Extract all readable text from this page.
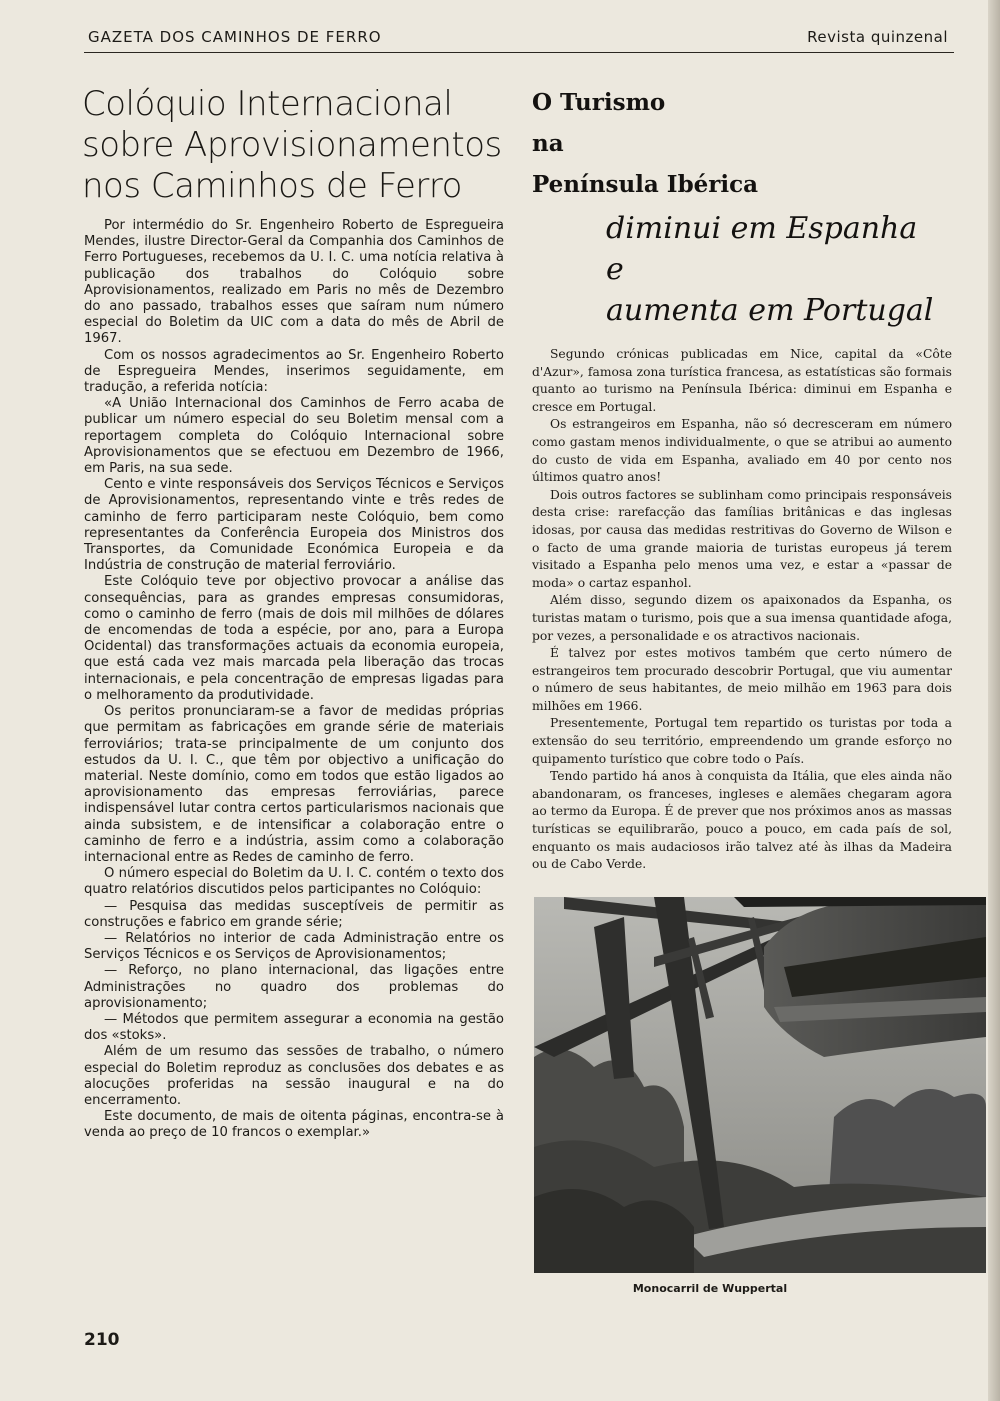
GAZETA DOS CAMINHOS DE FERRO	Revista quinzenal
Colóquio Internacional
sobre Aprovisionamentos
nos Caminhos de Ferro

Por intermédio do Sr. Engenheiro Roberto de Espregueira Mendes, ilustre Director-Geral da Companhia dos Caminhos de Ferro Portugueses, recebemos da U. I. C. uma notícia relativa à publicação dos trabalhos do Colóquio sobre Aprovisionamentos, realizado em Paris no mês de Dezembro do ano passado, trabalhos esses que saíram num número especial do Boletim da UIC com a data do mês de Abril de 1967.

Com os nossos agradecimentos ao Sr. Engenheiro Roberto de Espregueira Mendes, inserimos seguidamente, em tradução, a referida notícia:

«A União Internacional dos Caminhos de Ferro acaba de publicar um número especial do seu Boletim mensal com a reportagem completa do Colóquio Internacional sobre Aprovisionamentos que se efectuou em Dezembro de 1966, em Paris, na sua sede.

Cento e vinte responsáveis dos Serviços Técnicos e Serviços de Aprovisionamentos, representando vinte e três redes de caminho de ferro participaram neste Colóquio, bem como representantes da Conferência Europeia dos Ministros dos Transportes, da Comunidade Económica Europeia e da Indústria de construção de material ferroviário.

Este Colóquio teve por objectivo provocar a análise das consequências, para as grandes empresas consumidoras, como o caminho de ferro (mais de dois mil milhões de dólares de encomendas de toda a espécie, por ano, para a Europa Ocidental) das transformações actuais da economia europeia, que está cada vez mais marcada pela liberação das trocas internacionais, e pela concentração de empresas ligadas para o melhoramento da produtividade.

Os peritos pronunciaram-se a favor de medidas próprias que permitam as fabricações em grande série de materiais ferroviários; trata-se principalmente de um conjunto dos estudos da U. I. C., que têm por objectivo a unificação do material. Neste domínio, como em todos que estão ligados ao aprovisionamento das empresas ferroviárias, parece indispensável lutar contra certos particularismos nacionais que ainda subsistem, e de intensificar a colaboração entre o caminho de ferro e a indústria, assim como a colaboração internacional entre as Redes de caminho de ferro.

O número especial do Boletim da U. I. C. contém o texto dos quatro relatórios discutidos pelos participantes no Colóquio:

— Pesquisa das medidas susceptíveis de permitir as construções e fabrico em grande série;

— Relatórios no interior de cada Administração entre os Serviços Técnicos e os Serviços de Aprovisionamentos;

— Reforço, no plano internacional, das ligações entre Administrações no quadro dos problemas do aprovisionamento;

— Métodos que permitem assegurar a economia na gestão dos «stoks».

Além de um resumo das sessões de trabalho, o número especial do Boletim reproduz as conclusões dos debates e as alocuções proferidas na sessão inaugural e na do encerramento.

Este documento, de mais de oitenta páginas, encontra-se à venda ao preço de 10 francos o exemplar.»

210

O Turismo
na
Península Ibérica
diminui em Espanha
e
aumenta em Portugal

Segundo crónicas publicadas em Nice, capital da «Côte d'Azur», famosa zona turística francesa, as estatísticas são formais quanto ao turismo na Península Ibérica: diminui em Espanha e cresce em Portugal.

Os estrangeiros em Espanha, não só decresceram em número como gastam menos individualmente, o que se atribui ao aumento do custo de vida em Espanha, avaliado em 40 por cento nos últimos quatro anos!

Dois outros factores se sublinham como principais responsáveis desta crise: rarefacção das famílias britânicas e das inglesas idosas, por causa das medidas restritivas do Governo de Wilson e o facto de uma grande maioria de turistas europeus já terem visitado a Espanha pelo menos uma vez, e estar a «passar de moda» o cartaz espanhol.

Além disso, segundo dizem os apaixonados da Espanha, os turistas matam o turismo, pois que a sua imensa quantidade afoga, por vezes, a personalidade e os atractivos nacionais.

É talvez por estes motivos também que certo número de estrangeiros tem procurado descobrir Portugal, que viu aumentar o número de seus habitantes, de meio milhão em 1963 para dois milhões em 1966.

Presentemente, Portugal tem repartido os turistas por toda a extensão do seu território, empreendendo um grande esforço no quipamento turístico que cobre todo o País.

Tendo partido há anos à conquista da Itália, que eles ainda não abandonaram, os franceses, ingleses e alemães chegaram agora ao termo da Europa. É de prever que nos próximos anos as massas turísticas se equilibrarão, pouco a pouco, em cada país de sol, enquanto os mais audaciosos irão talvez até às ilhas da Madeira ou de Cabo Verde.

Monocarril de Wuppertal
